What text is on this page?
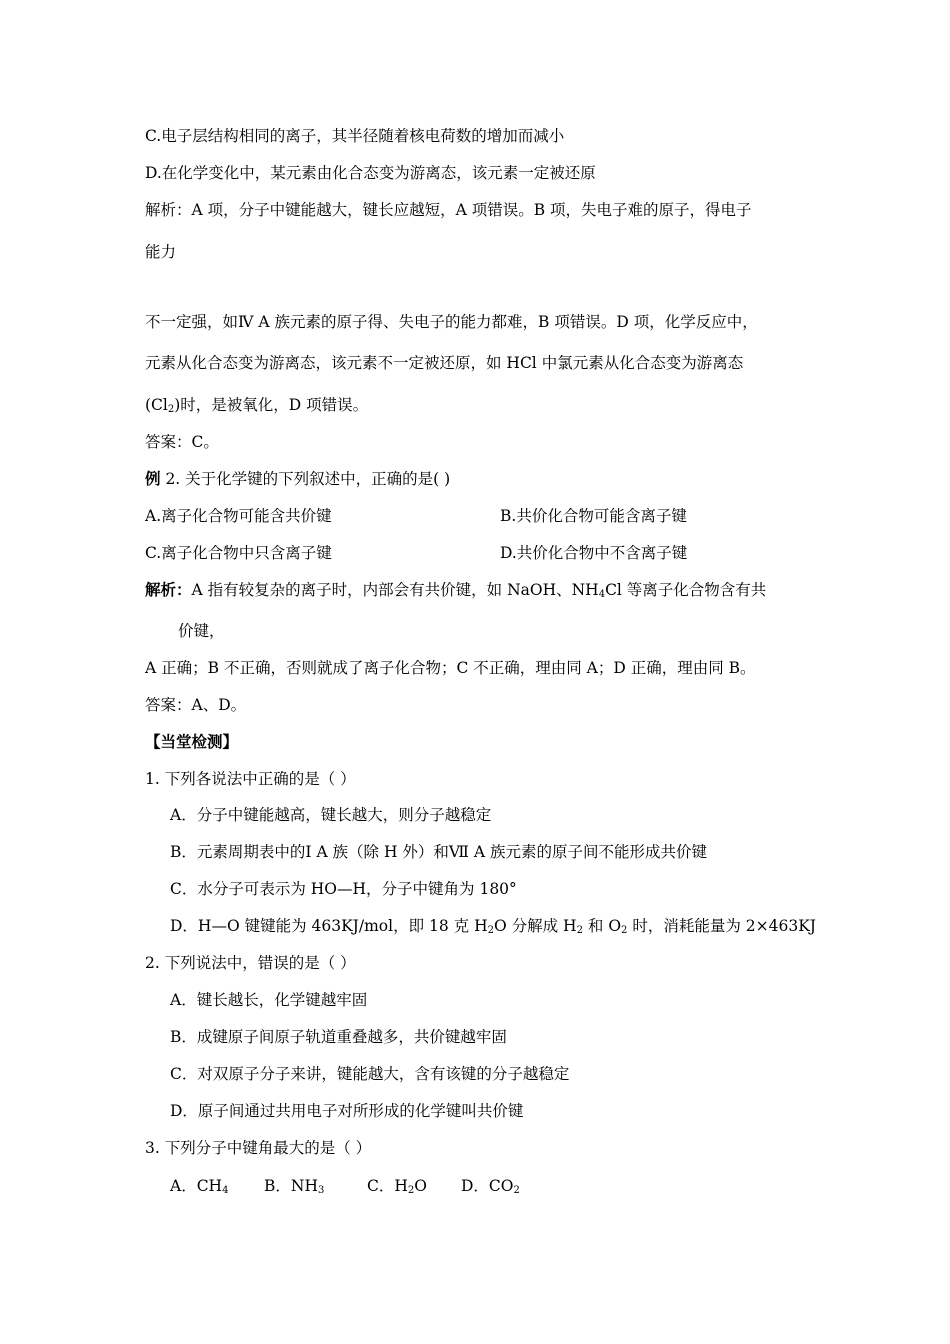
C.电子层结构相同的离子，其半径随着核电荷数的增加而减小
D.在化学变化中，某元素由化合态变为游离态，该元素一定被还原
解析：A 项，分子中键能越大，键长应越短，A 项错误。B 项，失电子难的原子，得电子
能力
不一定强，如Ⅳ A 族元素的原子得、失电子的能力都难，B 项错误。D 项，化学反应中，
元素从化合态变为游离态，该元素不一定被还原，如 HCl 中氯元素从化合态变为游离态
$(Cl_2)$时，是被氧化，D 项错误。
答案：C。
例 2. 关于化学键的下列叙述中，正确的是( )
A.离子化合物可能含共价键	B.共价化合物可能含离子键
C.离子化合物中只含离子键	D.共价化合物中不含离子键
解析：A 指有较复杂的离子时，内部会有共价键，如 NaOH、$NH_4Cl$ 等离子化合物含有共
价键，
A 正确；B 不正确，否则就成了离子化合物；C 不正确，理由同 A；D 正确，理由同 B。
答案：A、D。
【当堂检测】
1. 下列各说法中正确的是（ ）
A．分子中键能越高，键长越大，则分子越稳定
B．元素周期表中的Ⅰ A 族（除 H 外）和Ⅶ A 族元素的原子间不能形成共价键
C．水分子可表示为 HO—H，分子中键角为 180°
D．H—O 键键能为 463KJ/mol，即 18 克 $H_2O$ 分解成 $H_2$ 和 $O_2$ 时，消耗能量为 2×463KJ
2. 下列说法中，错误的是（ ）
A．键长越长，化学键越牢固
B．成键原子间原子轨道重叠越多，共价键越牢固
C．对双原子分子来讲，键能越大，含有该键的分子越稳定
D．原子间通过共用电子对所形成的化学键叫共价键
3. 下列分子中键角最大的是（ ）
A．$CH_4$ B．$NH_3$	C．$H_2O$ D．$CO_2$
